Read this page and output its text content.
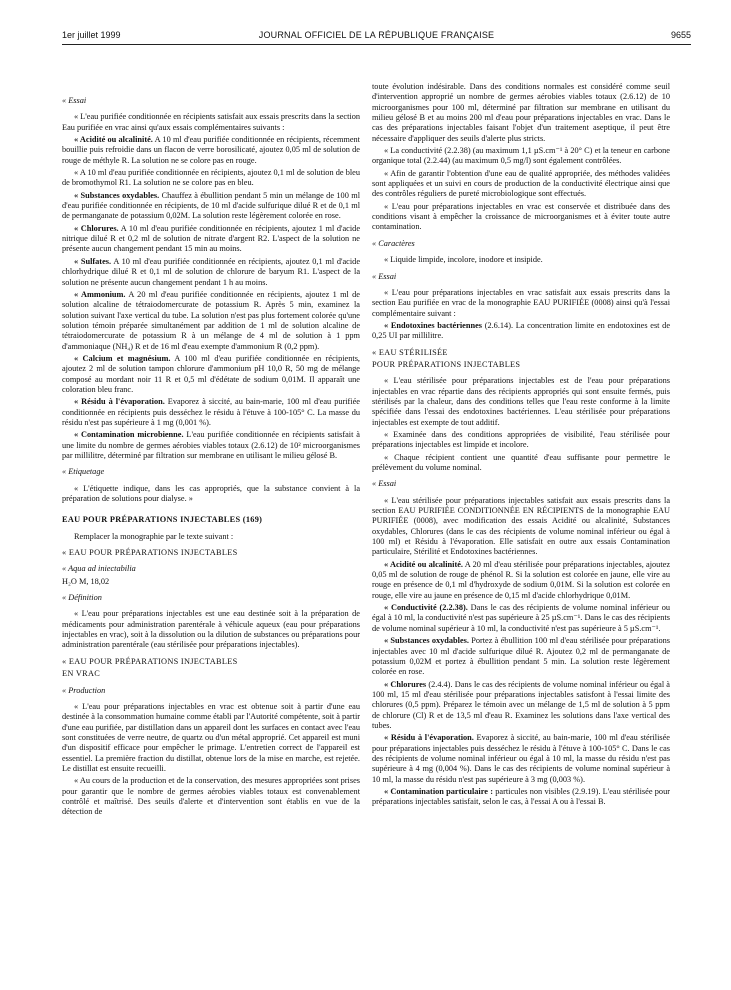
1er juillet 1999	JOURNAL OFFICIEL DE LA RÉPUBLIQUE FRANÇAISE	9655

« Essai

« L'eau purifiée conditionnée en récipients satisfait aux essais prescrits dans la section Eau purifiée en vrac ainsi qu'aux essais complémentaires suivants :

« Acidité ou alcalinité. A 10 ml d'eau purifiée conditionnée en récipients, récemment bouillie puis refroidie dans un flacon de verre borosilicaté, ajoutez 0,05 ml de solution de rouge de méthyle R. La solution ne se colore pas en rouge.

« A 10 ml d'eau purifiée conditionnée en récipients, ajoutez 0,1 ml de solution de bleu de bromothymol R1. La solution ne se colore pas en bleu.

« Substances oxydables. Chauffez à ébullition pendant 5 min un mélange de 100 ml d'eau purifiée conditionnée en récipients, de 10 ml d'acide sulfurique dilué R et de 0,1 ml de permanganate de potassium 0,02M. La solution reste légèrement colorée en rose.

« Chlorures. A 10 ml d'eau purifiée conditionnée en récipients, ajoutez 1 ml d'acide nitrique dilué R et 0,2 ml de solution de nitrate d'argent R2. L'aspect de la solution ne présente aucun changement pendant 15 min au moins.

« Sulfates. A 10 ml d'eau purifiée conditionnée en récipients, ajoutez 0,1 ml d'acide chlorhydrique dilué R et 0,1 ml de solution de chlorure de baryum R1. L'aspect de la solution ne présente aucun changement pendant 1 h au moins.

« Ammonium. A 20 ml d'eau purifiée conditionnée en récipients, ajoutez 1 ml de solution alcaline de tétraiodomercurate de potassium R. Après 5 min, examinez la solution suivant l'axe vertical du tube. La solution n'est pas plus fortement colorée qu'une solution témoin préparée simultanément par addition de 1 ml de solution alcaline de tétraiodomercurate de potassium R à un mélange de 4 ml de solution à 1 ppm d'ammoniaque (NH₄) R et de 16 ml d'eau exempte d'ammonium R (0,2 ppm).

« Calcium et magnésium. A 100 ml d'eau purifiée conditionnée en récipients, ajoutez 2 ml de solution tampon chlorure d'ammonium pH 10,0 R, 50 mg de mélange composé au mordant noir 11 R et 0,5 ml d'édétate de sodium 0,01M. Il apparaît une coloration bleu franc.

« Résidu à l'évaporation. Evaporez à siccité, au bain-marie, 100 ml d'eau purifiée conditionnée en récipients puis desséchez le résidu à l'étuve à 100-105° C. La masse du résidu n'est pas supérieure à 1 mg (0,001 %).

« Contamination microbienne. L'eau purifiée conditionnée en récipients satisfait à une limite du nombre de germes aérobies viables totaux (2.6.12) de 10² microorganismes par millilitre, déterminé par filtration sur membrane en utilisant le milieu gélosé B.

« Etiquetage

« L'étiquette indique, dans les cas appropriés, que la substance convient à la préparation de solutions pour dialyse. »

EAU POUR PRÉPARATIONS INJECTABLES (169)

Remplacer la monographie par le texte suivant :

« EAU POUR PRÉPARATIONS INJECTABLES

« Aqua ad iniectabilia

H₂O M, 18,02

« Définition

« L'eau pour préparations injectables est une eau destinée soit à la préparation de médicaments pour administration parentérale à véhicule aqueux (eau pour préparations injectables en vrac), soit à la dissolution ou la dilution de substances ou préparations pour administration parentérale (eau stérilisée pour préparations injectables).

« EAU POUR PRÉPARATIONS INJECTABLES

EN VRAC

« Production

« L'eau pour préparations injectables en vrac est obtenue soit à partir d'une eau destinée à la consommation humaine comme établi par l'Autorité compétente, soit à partir d'une eau purifiée, par distillation dans un appareil dont les surfaces en contact avec l'eau sont constituées de verre neutre, de quartz ou d'un métal approprié. Cet appareil est muni d'un dispositif efficace pour empêcher le primage. L'entretien correct de l'appareil est essentiel. La première fraction du distillat, obtenue lors de la mise en marche, est rejetée. Le distillat est ensuite recueilli.

« Au cours de la production et de la conservation, des mesures appropriées sont prises pour garantir que le nombre de germes aérobies viables totaux est convenablement contrôlé et maîtrisé. Des seuils d'alerte et d'intervention sont établis en vue de la détection de

toute évolution indésirable. Dans des conditions normales est considéré comme seuil d'intervention approprié un nombre de germes aérobies viables totaux (2.6.12) de 10 microorganismes pour 100 ml, déterminé par filtration sur membrane en utilisant du milieu gélosé B et au moins 200 ml d'eau pour préparations injectables en vrac. Dans le cas des préparations injectables faisant l'objet d'un traitement aseptique, il peut être nécessaire d'appliquer des seuils d'alerte plus stricts.

« La conductivité (2.2.38) (au maximum 1,1 µS.cm⁻¹ à 20° C) et la teneur en carbone organique total (2.2.44) (au maximum 0,5 mg/l) sont également contrôlées.

« Afin de garantir l'obtention d'une eau de qualité appropriée, des méthodes validées sont appliquées et un suivi en cours de production de la conductivité électrique ainsi que des contrôles réguliers de pureté microbiologique sont effectués.

« L'eau pour préparations injectables en vrac est conservée et distribuée dans des conditions visant à empêcher la croissance de microorganismes et à éviter toute autre contamination.

« Caractères

« Liquide limpide, incolore, inodore et insipide.

« Essai

« L'eau pour préparations injectables en vrac satisfait aux essais prescrits dans la section Eau purifiée en vrac de la monographie EAU PURIFIÉE (0008) ainsi qu'à l'essai complémentaire suivant :

« Endotoxines bactériennes (2.6.14). La concentration limite en endotoxines est de 0,25 UI par millilitre.

« EAU STÉRILISÉE

POUR PRÉPARATIONS INJECTABLES

« L'eau stérilisée pour préparations injectables est de l'eau pour préparations injectables en vrac répartie dans des récipients appropriés qui sont ensuite fermés, puis stérilisés par la chaleur, dans des conditions telles que l'eau reste conforme à la limite spécifiée dans l'essai des endotoxines bactériennes. L'eau stérilisée pour préparations injectables est exempte de tout additif.

« Examinée dans des conditions appropriées de visibilité, l'eau stérilisée pour préparations injectables est limpide et incolore.

« Chaque récipient contient une quantité d'eau suffisante pour permettre le prélèvement du volume nominal.

« Essai

« L'eau stérilisée pour préparations injectables satisfait aux essais prescrits dans la section EAU PURIFIÉE CONDITIONNÉE EN RÉCIPIENTS de la monographie EAU PURIFIÉE (0008), avec modification des essais Acidité ou alcalinité, Substances oxydables, Chlorures (dans le cas des récipients de volume nominal inférieur ou égal à 100 ml) et Résidu à l'évaporation. Elle satisfait en outre aux essais Contamination particulaire, Stérilité et Endotoxines bactériennes.

« Acidité ou alcalinité. A 20 ml d'eau stérilisée pour préparations injectables, ajoutez 0,05 ml de solution de rouge de phénol R. Si la solution est colorée en jaune, elle vire au rouge en présence de 0,1 ml d'hydroxyde de sodium 0,01M. Si la solution est colorée en rouge, elle vire au jaune en présence de 0,15 ml d'acide chlorhydrique 0,01M.

« Conductivité (2.2.38). Dans le cas des récipients de volume nominal inférieur ou égal à 10 ml, la conductivité n'est pas supérieure à 25 µS.cm⁻¹. Dans le cas des récipients de volume nominal supérieur à 10 ml, la conductivité n'est pas supérieure à 5 µS.cm⁻¹.

« Substances oxydables. Portez à ébullition 100 ml d'eau stérilisée pour préparations injectables avec 10 ml d'acide sulfurique dilué R. Ajoutez 0,2 ml de permanganate de potassium 0,02M et portez à ébullition pendant 5 min. La solution reste légèrement colorée en rose.

« Chlorures (2.4.4). Dans le cas des récipients de volume nominal inférieur ou égal à 100 ml, 15 ml d'eau stérilisée pour préparations injectables satisfont à l'essai limite des chlorures (0,5 ppm). Préparez le témoin avec un mélange de 1,5 ml de solution à 5 ppm de chlorure (Cl) R et de 13,5 ml d'eau R. Examinez les solutions dans l'axe vertical des tubes.

« Résidu à l'évaporation. Evaporez à siccité, au bain-marie, 100 ml d'eau stérilisée pour préparations injectables puis desséchez le résidu à l'étuve à 100-105° C. Dans le cas des récipients de volume nominal inférieur ou égal à 10 ml, la masse du résidu n'est pas supérieure à 4 mg (0,004 %). Dans le cas des récipients de volume nominal supérieur à 10 ml, la masse du résidu n'est pas supérieure à 3 mg (0,003 %).

« Contamination particulaire : particules non visibles (2.9.19). L'eau stérilisée pour préparations injectables satisfait, selon le cas, à l'essai A ou à l'essai B.
